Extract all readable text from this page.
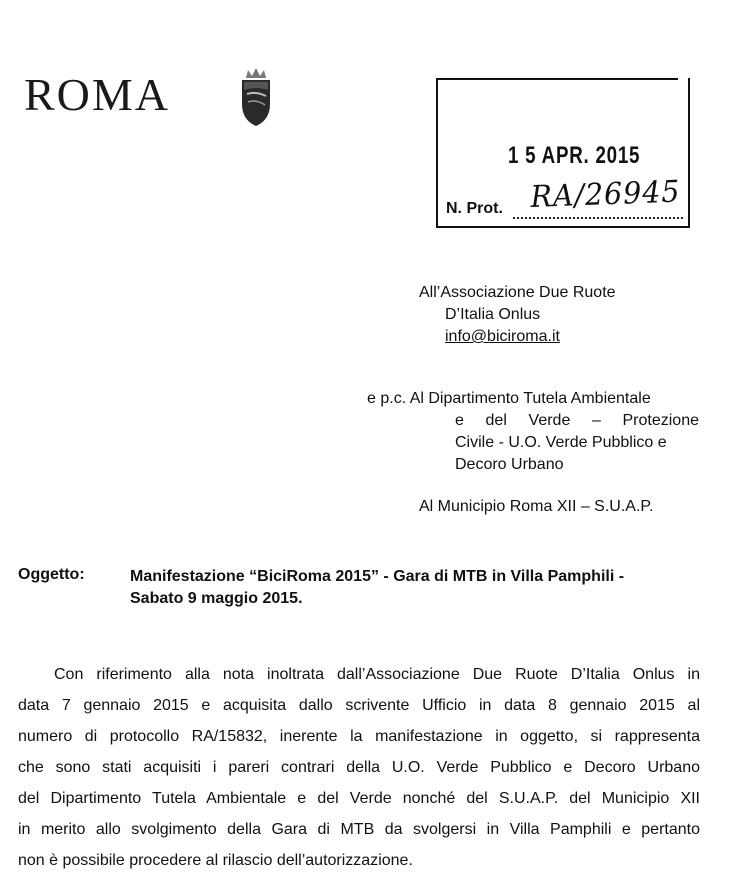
ROMA
1 5 APR. 2015
N. Prot. RA/26945
All’Associazione Due Ruote
D’Italia Onlus
info@biciroma.it
e p.c. Al Dipartimento Tutela Ambientale
e del Verde – Protezione
Civile - U.O. Verde Pubblico e
Decoro Urbano
Al Municipio Roma XII – S.U.A.P.
Oggetto:	Manifestazione “BiciRoma 2015” - Gara di MTB in Villa Pamphili -
Sabato 9 maggio 2015.
Con riferimento alla nota inoltrata dall’Associazione Due Ruote D’Italia Onlus in
data 7 gennaio 2015 e acquisita dallo scrivente Ufficio in data 8 gennaio 2015 al
numero di protocollo RA/15832, inerente la manifestazione in oggetto, si rappresenta
che sono stati acquisiti i pareri contrari della U.O. Verde Pubblico e Decoro Urbano
del Dipartimento Tutela Ambientale e del Verde nonché del S.U.A.P. del Municipio XII
in merito allo svolgimento della Gara di MTB da svolgersi in Villa Pamphili e pertanto
non è possibile procedere al rilascio dell’autorizzazione.
